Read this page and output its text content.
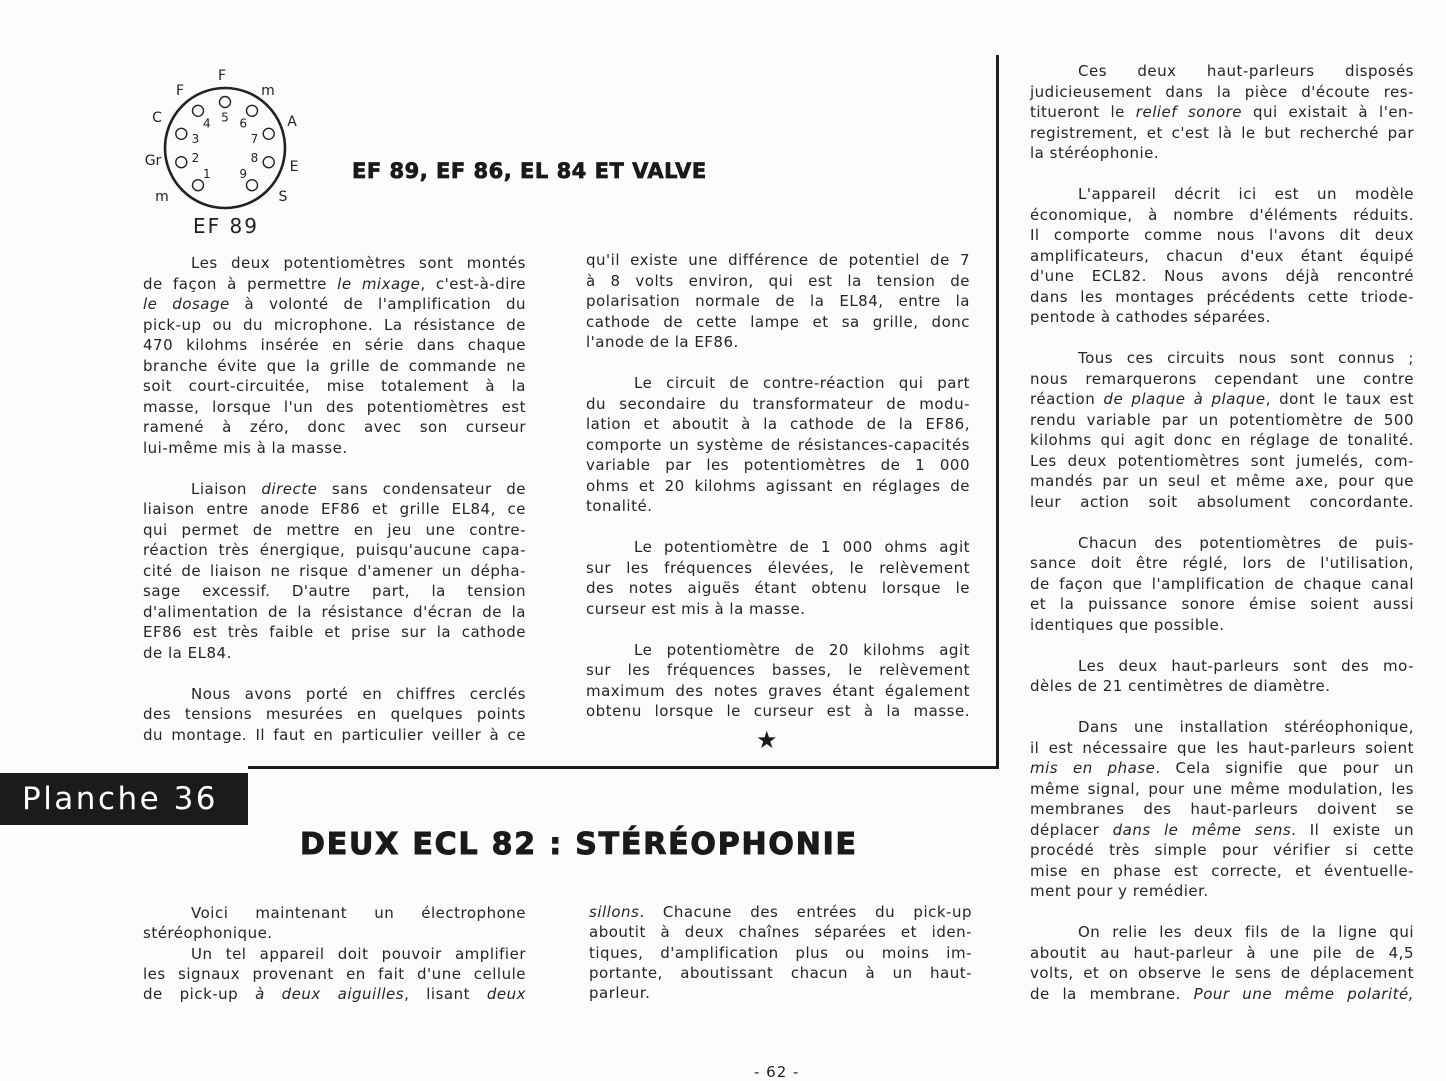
1
2
3
4 5 6
7
8
9
m
Gr
C
F
F
m
A
E
S
EF 89
EF 89, EF 86, EL 84 ET VALVE
Les deux potentiomètres sont montés
de façon à permettre le mixage, c'est-à-dire
le dosage à volonté de l'amplification du
pick-up ou du microphone. La résistance de
470 kilohms insérée en série dans chaque
branche évite que la grille de commande ne
soit court-circuitée, mise totalement à la
masse, lorsque l'un des potentiomètres est
ramené à zéro, donc avec son curseur
lui-même mis à la masse.
Liaison directe sans condensateur de
liaison entre anode EF86 et grille EL84, ce
qui permet de mettre en jeu une contre-
réaction très énergique, puisqu'aucune capa-
cité de liaison ne risque d'amener un dépha-
sage excessif. D'autre part, la tension
d'alimentation de la résistance d'écran de la
EF86 est très faible et prise sur la cathode
de la EL84.
Nous avons porté en chiffres cerclés
des tensions mesurées en quelques points
du montage. Il faut en particulier veiller à ce
qu'il existe une différence de potentiel de 7
à 8 volts environ, qui est la tension de
polarisation normale de la EL84, entre la
cathode de cette lampe et sa grille, donc
l'anode de la EF86.
Le circuit de contre-réaction qui part
du secondaire du transformateur de modu-
lation et aboutit à la cathode de la EF86,
comporte un système de résistances-capacités
variable par les potentiomètres de 1 000
ohms et 20 kilohms agissant en réglages de
tonalité.
Le potentiomètre de 1 000 ohms agit
sur les fréquences élevées, le relèvement
des notes aiguës étant obtenu lorsque le
curseur est mis à la masse.
Le potentiomètre de 20 kilohms agit
sur les fréquences basses, le relèvement
maximum des notes graves étant également
obtenu lorsque le curseur est à la masse.
Ces deux haut-parleurs disposés
judicieusement dans la pièce d'écoute res-
titueront le relief sonore qui existait à l'en-
registrement, et c'est là le but recherché par
la stéréophonie.
L'appareil décrit ici est un modèle
économique, à nombre d'éléments réduits.
Il comporte comme nous l'avons dit deux
amplificateurs, chacun d'eux étant équipé
d'une ECL82. Nous avons déjà rencontré
dans les montages précédents cette triode-
pentode à cathodes séparées.
Tous ces circuits nous sont connus ;
nous remarquerons cependant une contre
réaction de plaque à plaque, dont le taux est
rendu variable par un potentiomètre de 500
kilohms qui agit donc en réglage de tonalité.
Les deux potentiomètres sont jumelés, com-
mandés par un seul et même axe, pour que
leur action soit absolument concordante.
Chacun des potentiomètres de puis-
sance doit être réglé, lors de l'utilisation,
de façon que l'amplification de chaque canal
et la puissance sonore émise soient aussi
identiques que possible.
Les deux haut-parleurs sont des mo-
dèles de 21 centimètres de diamètre.
Dans une installation stéréophonique,
il est nécessaire que les haut-parleurs soient
mis en phase. Cela signifie que pour un
même signal, pour une même modulation, les
membranes des haut-parleurs doivent se
déplacer dans le même sens. Il existe un
procédé très simple pour vérifier si cette
mise en phase est correcte, et éventuelle-
ment pour y remédier.
On relie les deux fils de la ligne qui
aboutit au haut-parleur à une pile de 4,5
volts, et on observe le sens de déplacement
de la membrane. Pour une même polarité,
Voici maintenant un électrophone
stéréophonique.
Un tel appareil doit pouvoir amplifier
les signaux provenant en fait d'une cellule
de pick-up à deux aiguilles, lisant deux
sillons. Chacune des entrées du pick-up
aboutit à deux chaînes séparées et iden-
tiques, d'amplification plus ou moins im-
portante, aboutissant chacun à un haut-
parleur.
★
Planche 36
DEUX ECL 82 : STÉRÉOPHONIE
- 62 -
